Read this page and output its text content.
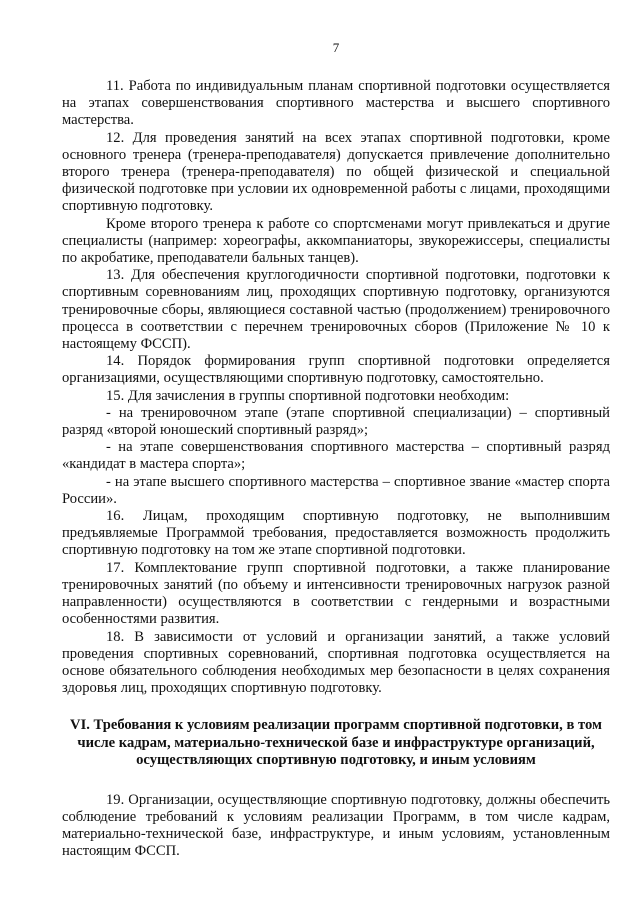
7

11. Работа по индивидуальным планам спортивной подготовки осуществляется на этапах совершенствования спортивного мастерства и высшего спортивного мастерства.

12. Для проведения занятий на всех этапах спортивной подготовки, кроме основного тренера (тренера-преподавателя) допускается привлечение дополнительно второго тренера (тренера-преподавателя) по общей физической и специальной физической подготовке при условии их одновременной работы с лицами, проходящими спортивную подготовку.

Кроме второго тренера к работе со спортсменами могут привлекаться и другие специалисты (например: хореографы, аккомпаниаторы, звукорежиссеры, специалисты по акробатике, преподаватели бальных танцев).

13. Для обеспечения круглогодичности спортивной подготовки, подготовки к спортивным соревнованиям лиц, проходящих спортивную подготовку, организуются тренировочные сборы, являющиеся составной частью (продолжением) тренировочного процесса в соответствии с перечнем тренировочных сборов (Приложение № 10 к настоящему ФССП).

14. Порядок формирования групп спортивной подготовки определяется организациями, осуществляющими спортивную подготовку, самостоятельно.

15. Для зачисления в группы спортивной подготовки необходим:

- на тренировочном этапе (этапе спортивной специализации) – спортивный разряд «второй юношеский спортивный разряд»;

- на этапе совершенствования спортивного мастерства – спортивный разряд «кандидат в мастера спорта»;

- на этапе высшего спортивного мастерства – спортивное звание «мастер спорта России».

16. Лицам, проходящим спортивную подготовку, не выполнившим предъявляемые Программой требования, предоставляется возможность продолжить спортивную подготовку на том же этапе спортивной подготовки.

17. Комплектование групп спортивной подготовки, а также планирование тренировочных занятий (по объему и интенсивности тренировочных нагрузок разной направленности) осуществляются в соответствии с гендерными и возрастными особенностями развития.

18. В зависимости от условий и организации занятий, а также условий проведения спортивных соревнований, спортивная подготовка осуществляется на основе обязательного соблюдения необходимых мер безопасности в целях сохранения здоровья лиц, проходящих спортивную подготовку.

VI. Требования к условиям реализации программ спортивной подготовки, в том числе кадрам, материально-технической базе и инфраструктуре организаций, осуществляющих спортивную подготовку, и иным условиям

19. Организации, осуществляющие спортивную подготовку, должны обеспечить соблюдение требований к условиям реализации Программ, в том числе кадрам, материально-технической базе, инфраструктуре, и иным условиям, установленным настоящим ФССП.
